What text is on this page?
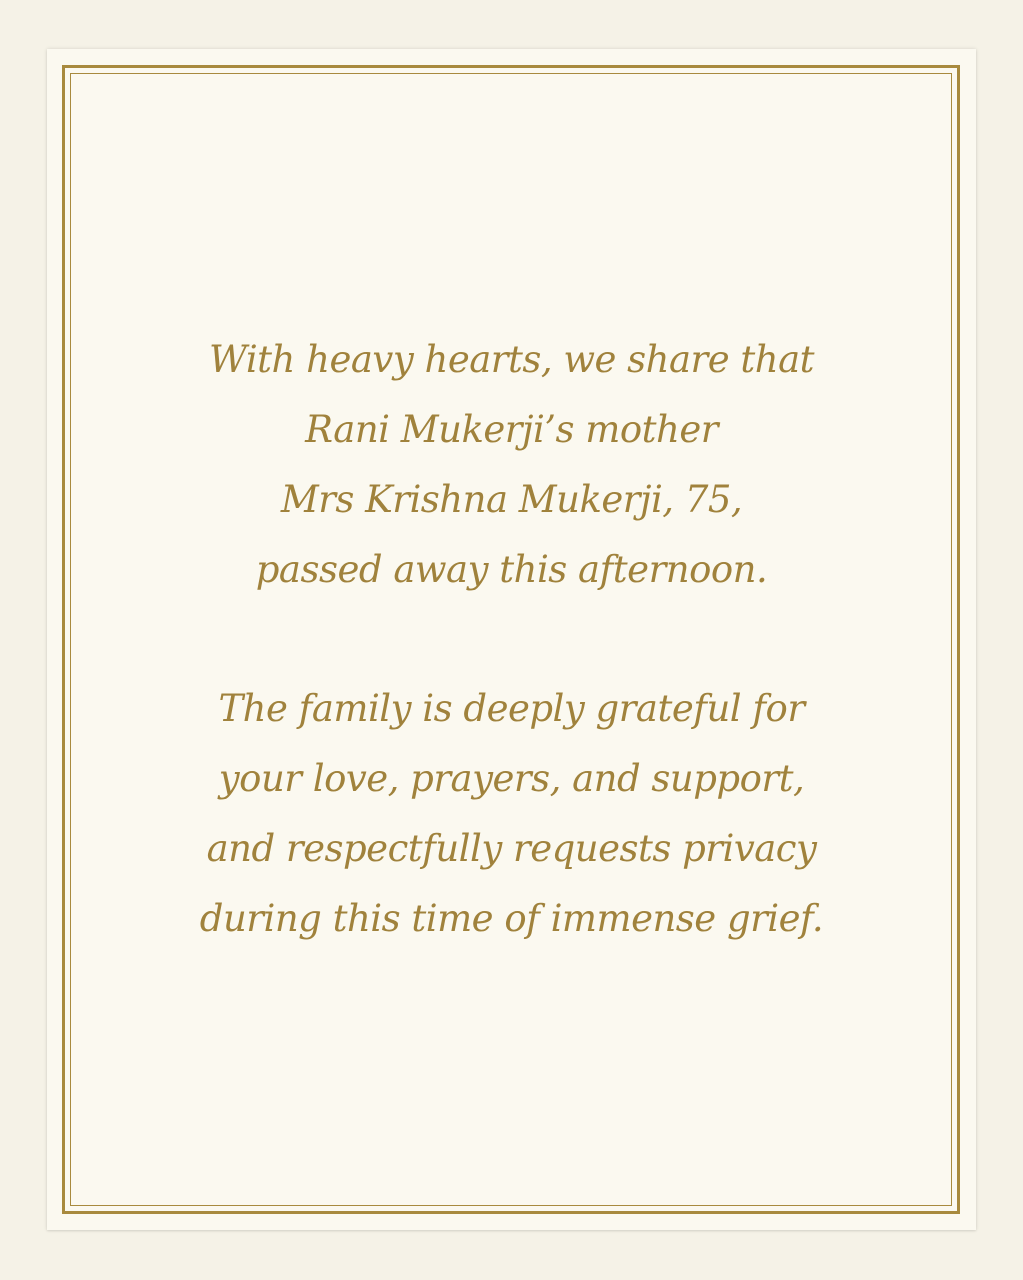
With heavy hearts, we share that
Rani Mukerji’s mother
Mrs Krishna Mukerji, 75,
passed away this afternoon.
The family is deeply grateful for
your love, prayers, and support,
and respectfully requests privacy
during this time of immense grief.
